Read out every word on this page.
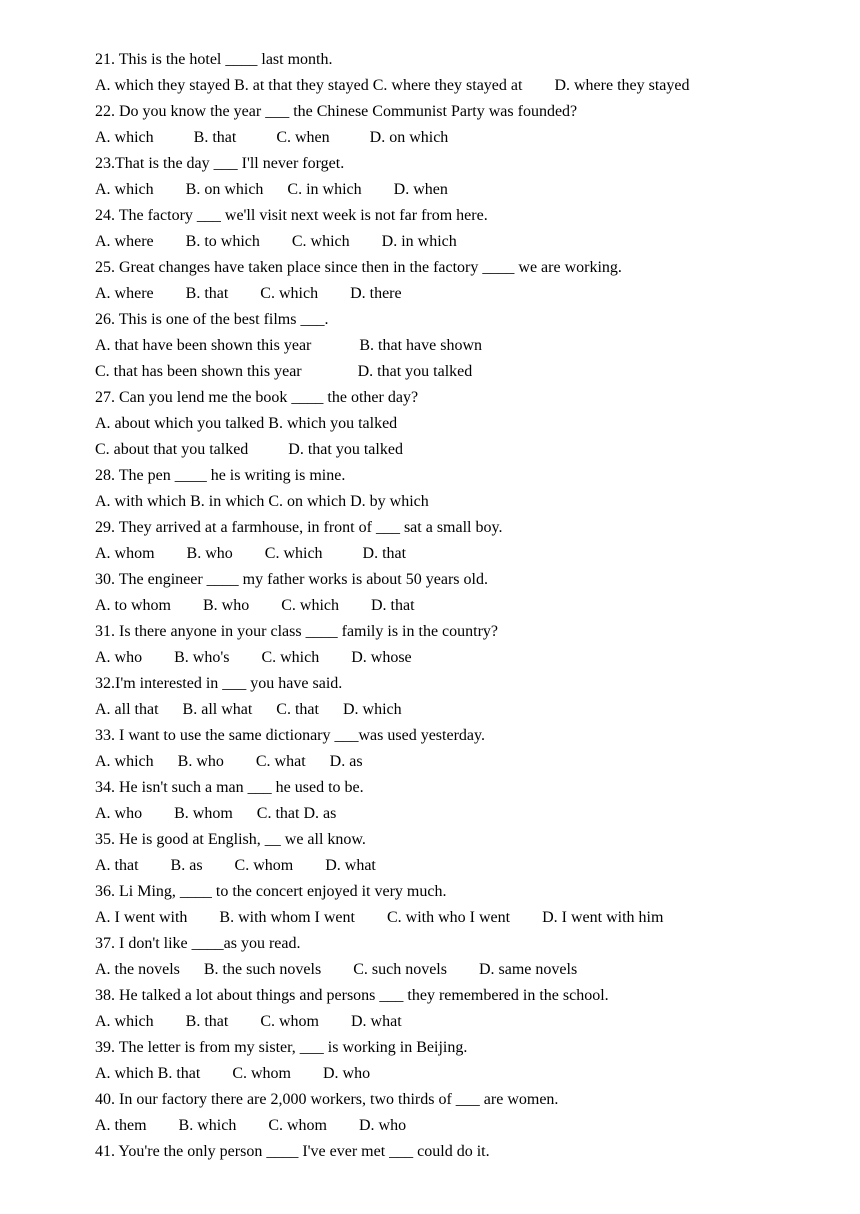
21. This is the hotel ____ last month.
A. which they stayed B. at that they stayed C. where they stayed at        D. where they stayed
22. Do you know the year ___ the Chinese Communist Party was founded?
A. which          B. that          C. when          D. on which
23.That is the day ___ I'll never forget.
A. which        B. on which      C. in which        D. when
24. The factory ___ we'll visit next week is not far from here.
A. where        B. to which        C. which        D. in which
25. Great changes have taken place since then in the factory ____ we are working.
A. where        B. that        C. which        D. there
26. This is one of the best films ___.
A. that have been shown this year            B. that have shown
C. that has been shown this year              D. that you talked
27. Can you lend me the book ____ the other day?
A. about which you talked B. which you talked
C. about that you talked          D. that you talked
28. The pen ____ he is writing is mine.
A. with which B. in which C. on which D. by which
29. They arrived at a farmhouse, in front of ___ sat a small boy.
A. whom        B. who        C. which          D. that
30. The engineer ____ my father works is about 50 years old.
A. to whom        B. who        C. which        D. that
31. Is there anyone in your class ____ family is in the country?
A. who        B. who's        C. which        D. whose
32.I'm interested in ___ you have said.
A. all that      B. all what      C. that      D. which
33. I want to use the same dictionary ___was used yesterday.
A. which      B. who        C. what      D. as
34. He isn't such a man ___ he used to be.
A. who        B. whom      C. that D. as
35. He is good at English, __ we all know.
A. that        B. as        C. whom        D. what
36. Li Ming, ____ to the concert enjoyed it very much.
A. I went with        B. with whom I went        C. with who I went        D. I went with him
37. I don't like ____as you read.
A. the novels      B. the such novels        C. such novels        D. same novels
38. He talked a lot about things and persons ___ they remembered in the school.
A. which        B. that        C. whom        D. what
39. The letter is from my sister, ___ is working in Beijing.
A. which B. that        C. whom        D. who
40. In our factory there are 2,000 workers, two thirds of ___ are women.
A. them        B. which        C. whom        D. who
41. You're the only person ____ I've ever met ___ could do it.
